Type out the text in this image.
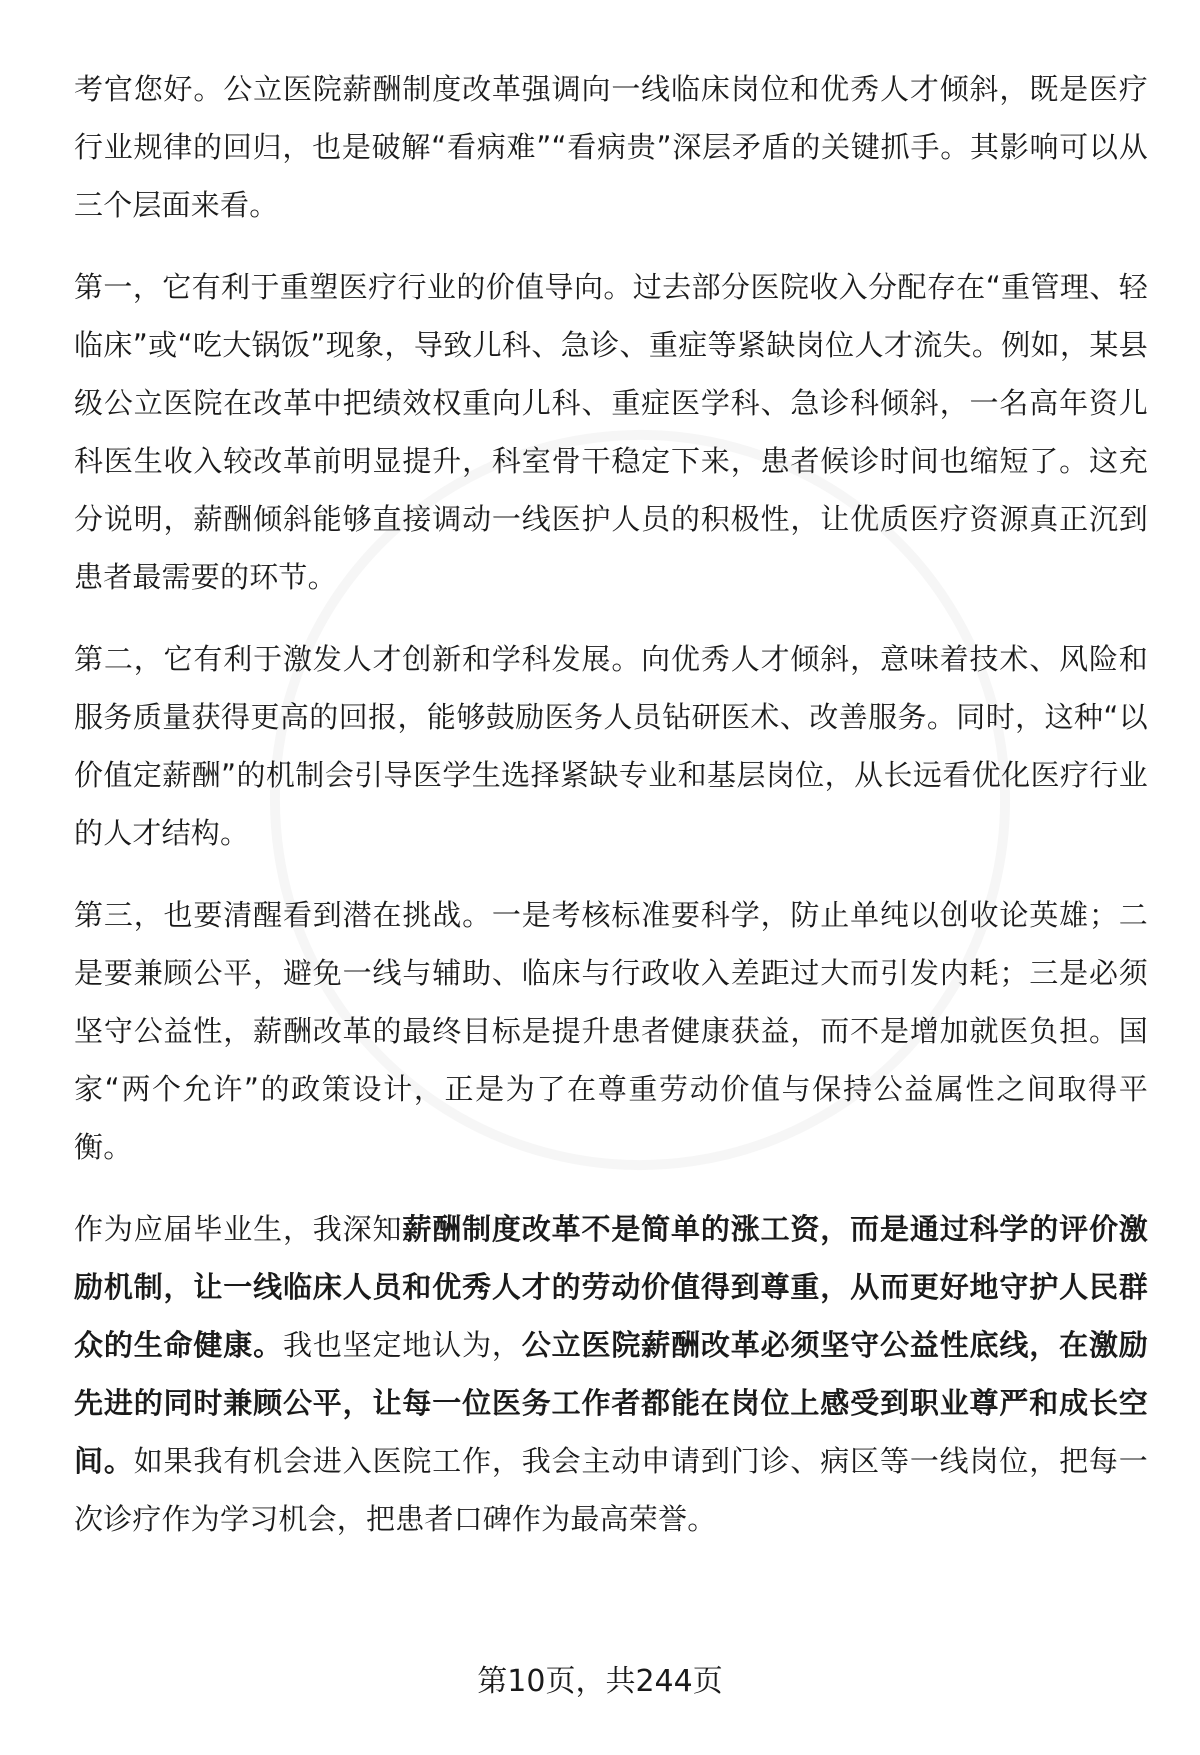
考官您好。公立医院薪酬制度改革强调向一线临床岗位和优秀人才倾斜，既是医疗行业规律的回归，也是破解“看病难”“看病贵”深层矛盾的关键抓手。其影响可以从三个层面来看。

第一，它有利于重塑医疗行业的价值导向。过去部分医院收入分配存在“重管理、轻临床”或“吃大锅饭”现象，导致儿科、急诊、重症等紧缺岗位人才流失。例如，某县级公立医院在改革中把绩效权重向儿科、重症医学科、急诊科倾斜，一名高年资儿科医生收入较改革前明显提升，科室骨干稳定下来，患者候诊时间也缩短了。这充分说明，薪酬倾斜能够直接调动一线医护人员的积极性，让优质医疗资源真正沉到患者最需要的环节。

第二，它有利于激发人才创新和学科发展。向优秀人才倾斜，意味着技术、风险和服务质量获得更高的回报，能够鼓励医务人员钻研医术、改善服务。同时，这种“以价值定薪酬”的机制会引导医学生选择紧缺专业和基层岗位，从长远看优化医疗行业的人才结构。

第三，也要清醒看到潜在挑战。一是考核标准要科学，防止单纯以创收论英雄；二是要兼顾公平，避免一线与辅助、临床与行政收入差距过大而引发内耗；三是必须坚守公益性，薪酬改革的最终目标是提升患者健康获益，而不是增加就医负担。国家“两个允许”的政策设计，正是为了在尊重劳动价值与保持公益属性之间取得平衡。

作为应届毕业生，我深知薪酬制度改革不是简单的涨工资，而是通过科学的评价激励机制，让一线临床人员和优秀人才的劳动价值得到尊重，从而更好地守护人民群众的生命健康。我也坚定地认为，公立医院薪酬改革必须坚守公益性底线，在激励先进的同时兼顾公平，让每一位医务工作者都能在岗位上感受到职业尊严和成长空间。如果我有机会进入医院工作，我会主动申请到门诊、病区等一线岗位，把每一次诊疗作为学习机会，把患者口碑作为最高荣誉。

第10页，共244页
